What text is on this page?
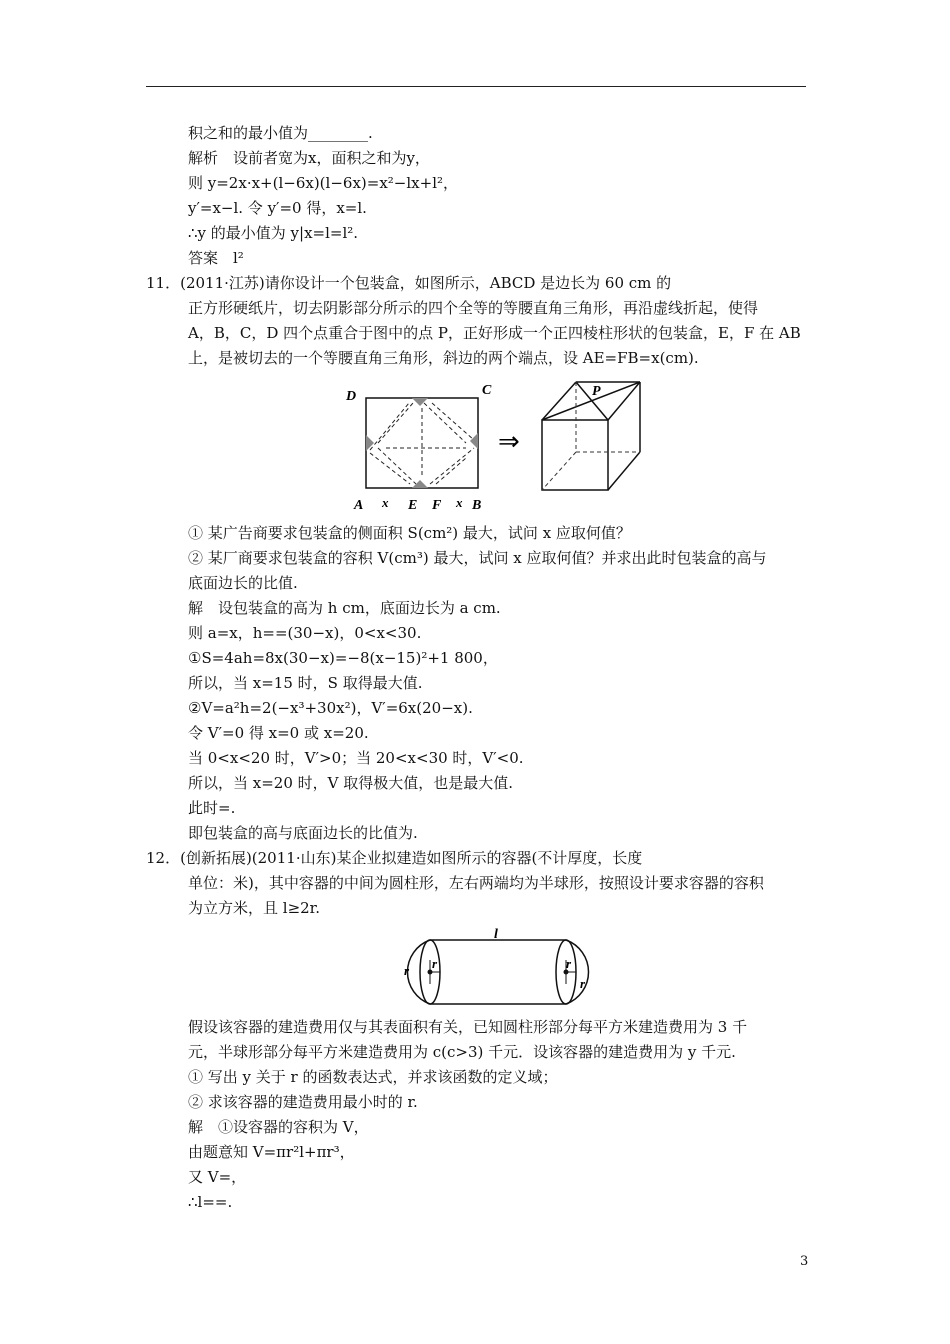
积之和的最小值为________.
解析　设前者宽为x，面积之和为y，
则 y=2x·x+(l−6x)(l−6x)=x²−lx+l²，
y′=x−l. 令 y′=0 得，x=l.
∴y 的最小值为 y|x=l=l².
答案　l²
11．(2011·江苏)请你设计一个包装盒，如图所示，ABCD 是边长为 60 cm 的
正方形硬纸片，切去阴影部分所示的四个全等的等腰直角三角形，再沿虚线折起，使得
A，B，C，D 四个点重合于图中的点 P，正好形成一个正四棱柱形状的包装盒，E，F 在 AB
上，是被切去的一个等腰直角三角形，斜边的两个端点，设 AE=FB=x(cm).
D	C
A x E F x B
⇒
P
① 某广告商要求包装盒的侧面积 S(cm²) 最大，试问 x 应取何值？
② 某厂商要求包装盒的容积 V(cm³) 最大，试问 x 应取何值？并求出此时包装盒的高与
底面边长的比值.
解　设包装盒的高为 h cm，底面边长为 a cm.
则 a=x，h==(30−x)，0<x<30.
①S=4ah=8x(30−x)=−8(x−15)²+1 800，
所以，当 x=15 时，S 取得最大值.
②V=a²h=2(−x³+30x²)，V′=6x(20−x).
令 V′=0 得 x=0 或 x=20.
当 0<x<20 时，V′>0；当 20<x<30 时，V′<0.
所以，当 x=20 时，V 取得极大值，也是最大值.
此时=.
即包装盒的高与底面边长的比值为.
12．(创新拓展)(2011·山东)某企业拟建造如图所示的容器(不计厚度，长度
单位：米)，其中容器的中间为圆柱形，左右两端均为半球形，按照设计要求容器的容积
为立方米，且 l≥2r.
l
r r	r
r
假设该容器的建造费用仅与其表面积有关，已知圆柱形部分每平方米建造费用为 3 千
元，半球形部分每平方米建造费用为 c(c>3) 千元．设该容器的建造费用为 y 千元.
① 写出 y 关于 r 的函数表达式，并求该函数的定义域；
② 求该容器的建造费用最小时的 r.
解　①设容器的容积为 V，
由题意知 V=πr²l+πr³，
又 V=，
∴l==.
3
